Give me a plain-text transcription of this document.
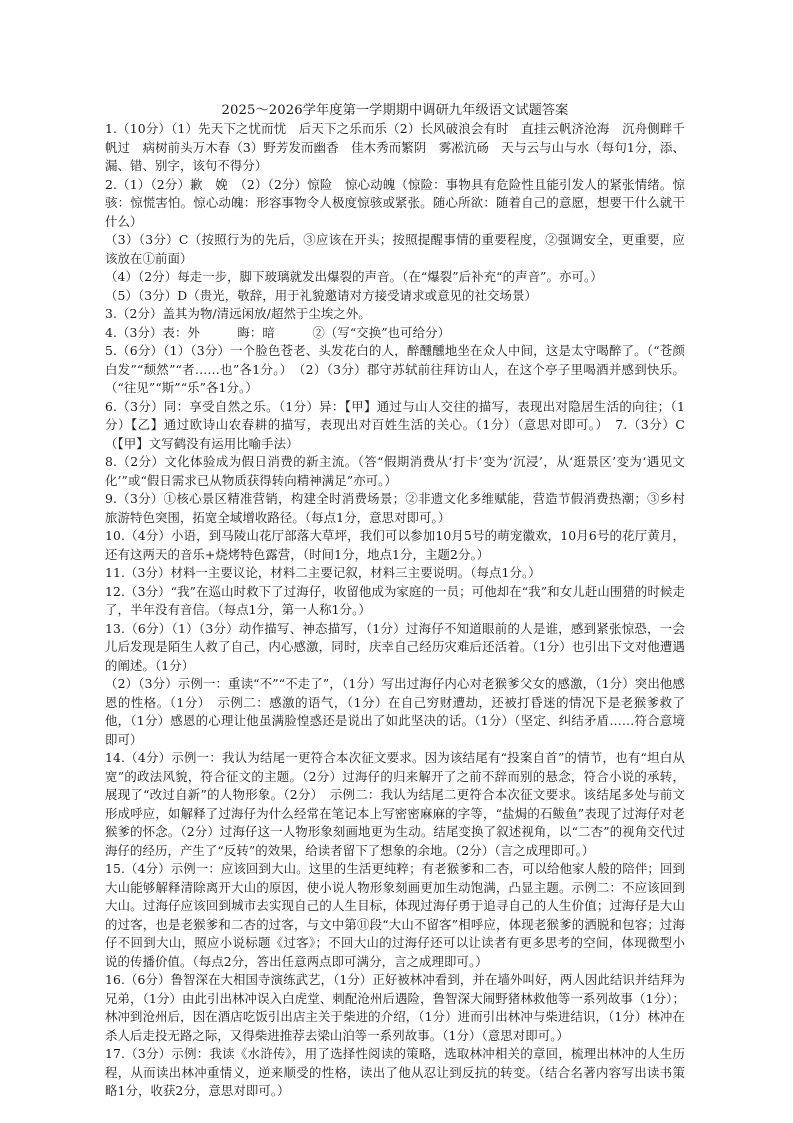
2025～2026学年度第一学期期中调研九年级语文试题答案

1.（10分）（1）先天下之忧而忧　后天下之乐而乐（2）长风破浪会有时　直挂云帆济沧海　沉舟侧畔千帆过　病树前头万木春（3）野芳发而幽香　佳木秀而繁阴　雾凇沆砀　天与云与山与水（每句1分，添、漏、错、别字，该句不得分）

2.（1）（2分）歉　娩　（2）（2分）惊险　惊心动魄（惊险：事物具有危险性且能引发人的紧张情绪。惊骇：惊慌害怕。惊心动魄：形容事物令人极度惊骇或紧张。随心所欲：随着自己的意愿，想要干什么就干什么）

（3）（3分）C（按照行为的先后，③应该在开头；按照提醒事情的重要程度，②强调安全，更重要，应该放在①前面）

（4）（2分）每走一步，脚下玻璃就发出爆裂的声音。（在“爆裂”后补充“的声音”。亦可。）

（5）（3分）D（贵光，敬辞，用于礼貌邀请对方接受请求或意见的社交场景）

3.（2分）盖其为物/清远闲放/超然于尘埃之外。

4.（3分）表：外　　　晦：暗　　　②（写“交换”也可给分）

5.（6分）（1）（3分）一个脸色苍老、头发花白的人，醉醺醺地坐在众人中间，这是太守喝醉了。（“苍颜白发”“颓然”“者……也”各1分。）　（2）（3分）郡守苏轼前往拜访山人，在这个亭子里喝酒并感到快乐。（“往见”“斯”“乐”各1分。）

6.（3分）同：享受自然之乐。（1分）异：【甲】通过与山人交往的描写，表现出对隐居生活的向往；（1分）【乙】通过欧诗山农春耕的描写，表现出对百姓生活的关心。（1分）（意思对即可。）　7.（3分）C（【甲】文写鹤没有运用比喻手法）

8.（2分）文化体验成为假日消费的新主流。（答“假期消费从‘打卡’变为‘沉浸’，从‘逛景区’变为‘遇见文化’”或“假日需求已从物质获得转向精神满足”亦可。）

9.（3分）①核心景区精准营销，构建全时消费场景；②非遗文化多维赋能，营造节假消费热潮；③乡村旅游特色突围，拓宽全域增收路径。（每点1分，意思对即可。）

10.（4分）小语，到马陵山花厅部落大草坪，我们可以参加10月5号的萌宠徽欢，10月6号的花厅黄月，还有这两天的音乐+烧烤特色露营，（时间1分，地点1分，主题2分。）

11.（3分）材料一主要议论，材料二主要记叙，材料三主要说明。（每点1分。）

12.（3分）“我”在巡山时救下了过海仔，收留他成为家庭的一员；可他却在“我”和女儿赶山围猎的时候走了，半年没有音信。（每点1分，第一人称1分。）

13.（6分）（1）（3分）动作描写、神态描写，（1分）过海仔不知道眼前的人是谁，感到紧张惊恐，一会儿后发现是陌生人救了自己，内心感激，同时，庆幸自己经历灾难后还活着。（1分）也引出下文对他遭遇的阐述。（1分）

（2）（3分）示例一：重读“不”“不走了”，（1分）写出过海仔内心对老猴爹父女的感激，（1分）突出他感恩的性格。（1分）　示例二：感激的语气，（1分）在自己穷财遭劫，还被打昏迷的情况下是老猴爹救了他，（1分）感恩的心理让他虽满脸惶惑还是说出了如此坚决的话。（1分）（坚定、纠结矛盾……符合意境即可）

14.（4分）示例一：我认为结尾一更符合本次征文要求。因为该结尾有“投案自首”的情节，也有“坦白从宽”的政法风貌，符合征文的主题。（2分）过海仔的归来解开了之前不辞而别的悬念，符合小说的承转，展现了“改过自新”的人物形象。（2分）　示例二：我认为结尾二更符合本次征文要求。该结尾多处与前文形成呼应，如解释了过海仔为什么经常在笔记本上写密密麻麻的字等，“盐焗的石鲅鱼”表现了过海仔对老猴爹的怀念。（2分）过海仔这一人物形象刻画地更为生动。结尾变换了叙述视角，以“二杏”的视角交代过海仔的经历，产生了“反转”的效果，给读者留下了想象的余地。（2分）（言之成理即可。）

15.（4分）示例一：应该回到大山。这里的生活更纯粹；有老猴爹和二杏，可以给他家人般的陪伴；回到大山能够解释清除离开大山的原因，使小说人物形象刻画更加生动饱满，凸显主题。示例二：不应该回到大山。过海仔应该回到城市去实现自己的人生目标，体现过海仔勇于追寻自己的人生价值；过海仔是大山的过客，也是老猴爹和二杏的过客，与文中第⑪段“大山不留客”相呼应，体现老猴爹的洒脱和包容；过海仔不回到大山，照应小说标题《过客》；不回大山的过海仔还可以让读者有更多思考的空间，体现微型小说的传播价值。（每点2分，答出任意两点即可满分，言之成理即可。）

16.（6分）鲁智深在大相国寺演练武艺，（1分）正好被林冲看到，并在墙外叫好，两人因此结识并结拜为兄弟，（1分）由此引出林冲误入白虎堂、刺配沧州后遇险，鲁智深大闹野猪林救他等一系列故事（1分）；林冲到沧州后，因在酒店吃饭引出店主关于柴进的介绍，（1分）进而引出林冲与柴进结识，（1分）林冲在杀人后走投无路之际，又得柴进推荐去梁山泊等一系列故事。（1分）（意思对即可。）

17.（3分）示例：我读《水浒传》，用了选择性阅读的策略，选取林冲相关的章回，梳理出林冲的人生历程，从而读出林冲重情义，逆来顺受的性格，读出了他从忍让到反抗的转变。（结合名著内容写出读书策略1分，收获2分，意思对即可。）
